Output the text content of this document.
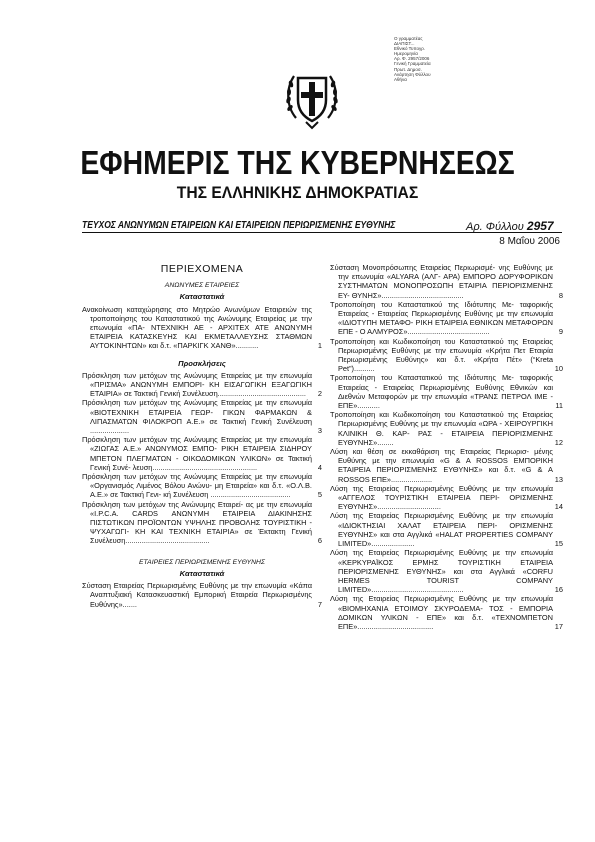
Ο γραμματέας
ΔΙΑΠΙΣΤ...
Εθνικό Τυπογρ.
Ημερομηνία
Αρ. Φ. 2957/2006
Γενική Γραμματεία
Πρωτ. Δημοσ.
Ανάρτηση Φύλλου
Αθήνα
ΕΦΗΜΕΡΙΣ ΤΗΣ ΚΥΒΕΡΝΗΣΕΩΣ
ΤΗΣ ΕΛΛΗΝΙΚΗΣ ΔΗΜΟΚΡΑΤΙΑΣ
ΤΕΥΧΟΣ ΑΝΩΝΥΜΩΝ ΕΤΑΙΡΕΙΩΝ ΚΑΙ ΕΤΑΙΡΕΙΩΝ ΠΕΡΙΩΡΙΣΜΕΝΗΣ ΕΥΘΥΝΗΣ	Αρ. Φύλλου 2957
8 Μαΐου 2006
ΠΕΡΙΕΧΟΜΕΝΑ
ΑΝΩΝΥΜΕΣ ΕΤΑΙΡΕΙΕΣ
Καταστατικά
Ανακοίνωση καταχώρησης στο Μητρώο Ανωνύμων Εταιρειών της τροποποίησης του Καταστατικού της Ανώνυμης Εταιρείας με την επωνυμία «ΠΑ- ΝΤΕΧΝΙΚΗ ΑΕ - ΑΡΧΙΤΕΧ ΑΤΕ ΑΝΩΝΥΜΗ ΕΤΑΙΡΕΙΑ ΚΑΤΑΣΚΕΥΗΣ ΚΑΙ ΕΚΜΕΤΑΛΛΕΥΣΗΣ ΣΤΑΘΜΩΝ ΑΥΤΟΚΙΝΗΤΩΝ» και δ.τ. «ΠΑΡΚΙΓΚ ΧΑΝΘ»...........	1
Προσκλήσεις
Πρόσκληση των μετόχων της Ανώνυμης Εταιρείας με την επωνυμία «ΠΡΙΣΜΑ» ΑΝΩΝΥΜΗ ΕΜΠΟΡΙ- ΚΗ ΕΙΣΑΓΩΓΙΚΗ ΕΞΑΓΩΓΙΚΗ ΕΤΑΙΡΙΑ» σε Τακτική Γενική Συνέλευση........................................... 2
Πρόσκληση των μετόχων της Ανώνυμης Εταιρείας με την επωνυμία «ΒΙΟΤΕΧΝΙΚΗ ΕΤΑΙΡΕΙΑ ΓΕΩΡ- ΓΙΚΩΝ ΦΑΡΜΑΚΩΝ & ΛΙΠΑΣΜΑΤΩΝ ΦΙΛΟΚΡΟΠ Α.Ε.» σε Τακτική Γενική Συνέλευση ...................	3
Πρόσκληση των μετόχων της Ανώνυμης Εταιρείας με την επωνυμία «ΖΙΩΓΑΣ Α.Ε.» ΑΝΩΝΥΜΟΣ ΕΜΠΟ- ΡΙΚΗ ΕΤΑΙΡΕΙΑ ΣΙΔΗΡΟΥ ΜΠΕΤΟΝ ΠΛΕΓΜΑΤΩΝ - ΟΙΚΟΔΟΜΙΚΩΝ ΥΛΙΚΩΝ» σε Τακτική Γενική Συνέ- λευση...................................................	4
Πρόσκληση των μετόχων της Ανώνυμης Εταιρείας με την επωνυμία «Οργανισμός Λιμένος Βόλου Ανώνυ- μη Εταιρεία» και δ.τ. «Ο.Λ.Β. Α.Ε.» σε Τακτική Γενι- κή Συνέλευση .......................................	5
Πρόσκληση των μετόχων της Ανώνυμης Εταιρεί- ας με την επωνυμία «I.P.C.A. CARDS ΑΝΩΝΥΜΗ ΕΤΑΙΡΕΙΑ ΔΙΑΚΙΝΗΣΗΣ ΠΙΣΤΩΤΙΚΩΝ ΠΡΟΪΟΝΤΩΝ ΥΨΗΛΗΣ ΠΡΟΒΟΛΗΣ ΤΟΥΡΙΣΤΙΚΗ - ΨΥΧΑΓΩΓΙ- ΚΗ ΚΑΙ ΤΕΧΝΙΚΗ ΕΤΑΙΡΙΑ» σε Έκτακτη Γενική Συνέλευση.........................................	6
ΕΤΑΙΡΕΙΕΣ ΠΕΡΙΩΡΙΣΜΕΝΗΣ ΕΥΘΥΝΗΣ
Καταστατικά
Σύσταση Εταιρείας Περιωρισμένης Ευθύνης με την επωνυμία «Κάπα Αναπτυξιακή Κατασκευαστική Εμπορική Εταιρεία Περιωρισμένης Ευθύνης».......	7
Σύσταση Μονοπρόσωπης Εταιρείας Περιωρισμέ- νης Ευθύνης με την επωνυμία «ALYARA (ΑΛΓ- ΑΡΑ) ΕΜΠΟΡΟ ΔΟΡΥΦΟΡΙΚΩΝ ΣΥΣΤΗΜΑΤΩΝ ΜΟΝΟΠΡΟΣΩΠΗ ΕΤΑΙΡΙΑ ΠΕΡΙΟΡΙΣΜΕΝΗΣ ΕΥ- ΘΥΝΗΣ»........................................	8
Τροποποίηση του Καταστατικού της Ιδιότυπης Με- ταφορικής Εταιρείας - Εταιρείας Περιωρισμένης Ευθύνης με την επωνυμία «ΙΔΙΟΤΥΠΗ ΜΕΤΑΦΟ- ΡΙΚΗ ΕΤΑΙΡΕΙΑ ΕΘΝΙΚΩΝ ΜΕΤΑΦΟΡΩΝ ΕΠΕ - Ο ΑΛΜΥΡΟΣ»........................................	9
Τροποποίηση και Κωδικοποίηση του Καταστατικού της Εταιρείας Περιωρισμένης Ευθύνης με την επωνυμία «Κρήτα Πετ Εταιρία Περιωρισμένης Ευθύνης» και δ.τ. «Κρήτα Πέτ» (“Kreta Pet”)..........	10
Τροποποίηση του Καταστατικού της Ιδιότυπης Με- ταφορικής Εταιρείας - Εταιρείας Περιωρισμένης Ευθύνης Εθνικών και Διεθνών Μεταφορών με την επωνυμία «ΤΡΑΝΣ ΠΕΤΡΟΛ ΙΜΕ - ΕΠΕ»...........	11
Τροποποίηση και Κωδικοποίηση του Καταστατικού της Εταιρείας Περιωρισμένης Ευθύνης με την επωνυμία «ΩΡΑ - ΧΕΙΡΟΥΡΓΙΚΗ ΚΛΙΝΙΚΗ Θ. ΚΑΡ- ΡΑΣ - ΕΤΑΙΡΕΙΑ ΠΕΡΙΟΡΙΣΜΕΝΗΣ ΕΥΘΥΝΗΣ»........	12
Λύση και θέση σε εκκαθάριση της Εταιρείας Περιωρισ- μένης Ευθύνης με την επωνυμία «G & A ROSSOS ΕΜΠΟΡΙΚΗ ΕΤΑΙΡΕΙΑ ΠΕΡΙΟΡΙΣΜΕΝΗΣ ΕΥΘΥΝΗΣ» και δ.τ. «G & A ROSSOS ΕΠΕ»....................	13
Λύση της Εταιρείας Περιωρισμένης Ευθύνης με την επωνυμία «ΑΓΓΕΛΟΣ ΤΟΥΡΙΣΤΙΚΗ ΕΤΑΙΡΕΙΑ ΠΕΡΙ- ΟΡΙΣΜΕΝΗΣ ΕΥΘΥΝΗΣ»...............................	14
Λύση της Εταιρείας Περιωρισμένης Ευθύνης με την επωνυμία «ΙΔΙΟΚΤΗΣΙΑΙ ΧΑΛΑΤ ΕΤΑΙΡΕΙΑ ΠΕΡΙ- ΟΡΙΣΜΕΝΗΣ ΕΥΘΥΝΗΣ» και στα Αγγλικά «HALAT PROPERTIES COMPANY LIMITED».....................	15
Λύση της Εταιρείας Περιωρισμένης Ευθύνης με την επωνυμία «ΚΕΡΚΥΡΑΪΚΟΣ ΕΡΜΗΣ ΤΟΥΡΙΣΤΙΚΗ ΕΤΑΙΡΕΙΑ ΠΕΡΙΟΡΙΣΜΕΝΗΣ ΕΥΘΥΝΗΣ» και στα Αγγλικά «CORFU HERMES TOURIST COMPANY LIMITED».............................................	16
Λύση της Εταιρείας Περιωρισμένης Ευθύνης με την επωνυμία «ΒΙΟΜΗΧΑΝΙΑ ΕΤΟΙΜΟΥ ΣΚΥΡΟΔΕΜΑ- ΤΟΣ - ΕΜΠΟΡΙΑ ΔΟΜΙΚΩΝ ΥΛΙΚΩΝ - ΕΠΕ» και δ.τ. «ΤΕΧΝΟΜΠΕΤΟΝ ΕΠΕ».....................................	17
